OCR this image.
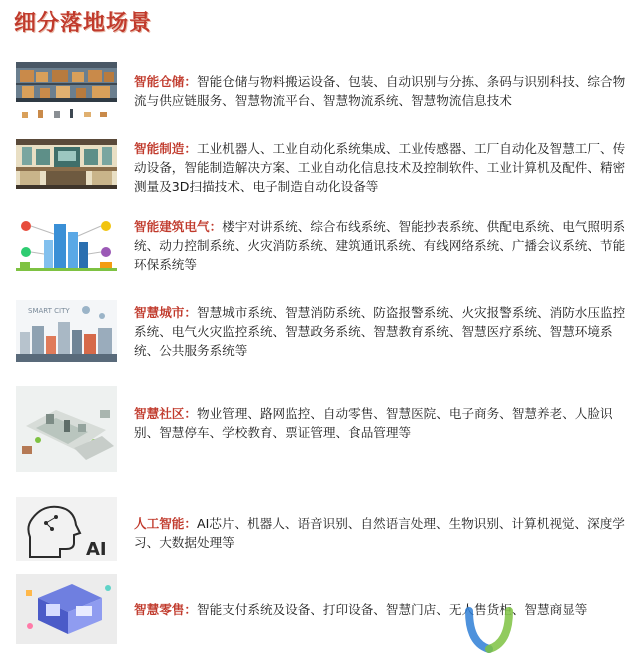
细分落地场景
智能仓储：智能仓储与物料搬运设备、包装、自动识别与分拣、条码与识别科技、综合物流与供应链服务、智慧物流平台、智慧物流系统、智慧物流信息技术
智能制造：工业机器人、工业自动化系统集成、工业传感器、工厂自动化及智慧工厂、传动设备，智能制造解决方案、工业自动化信息技术及控制软件、工业计算机及配件、精密测量及3D扫描技术、电子制造自动化设备等
智能建筑电气：楼宇对讲系统、综合布线系统、智能抄表系统、供配电系统、电气照明系统、动力控制系统、火灾消防系统、建筑通讯系统、有线网络系统、广播会议系统、节能环保系统等
SMART CITY	智慧城市：智慧城市系统、智慧消防系统、防盗报警系统、火灾报警系统、消防水压监控系统、电气火灾监控系统、智慧政务系统、智慧教育系统、智慧医疗系统、智慧环境系统、公共服务系统等
智慧社区：物业管理、路网监控、自动零售、智慧医院、电子商务、智慧养老、人脸识别、智慧停车、学校教育、票证管理、食品管理等
AI
人工智能：AI芯片、机器人、语音识别、自然语言处理、生物识别、计算机视觉、深度学习、大数据处理等
智慧零售：智能支付系统及设备、打印设备、智慧门店、无人售货柜、智慧商显等
